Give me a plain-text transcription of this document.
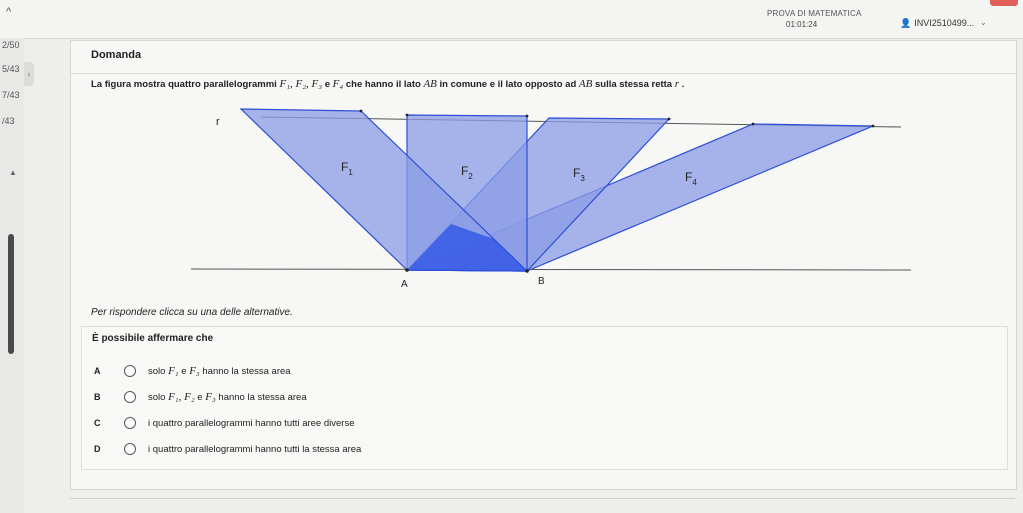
^	PROVA DI MATEMATICA
01:01:24	👤 INVI2510499... ⌄
2/50
5/43
7/43
/43
▲
‹
Domanda
La figura mostra quattro parallelogrammi F₁, F₂, F₃ e F₄ che hanno il lato AB in comune e il lato opposto ad AB sulla stessa retta r .
r
$F_1$	$F_2$	$F_3$	$F_4$
A	B
Per rispondere clicca su una delle alternative.
È possibile affermare che
A	solo F₁ e F₃ hanno la stessa area
B	solo F₁, F₂ e F₃ hanno la stessa area
C	i quattro parallelogrammi hanno tutti aree diverse
D	i quattro parallelogrammi hanno tutti la stessa area
